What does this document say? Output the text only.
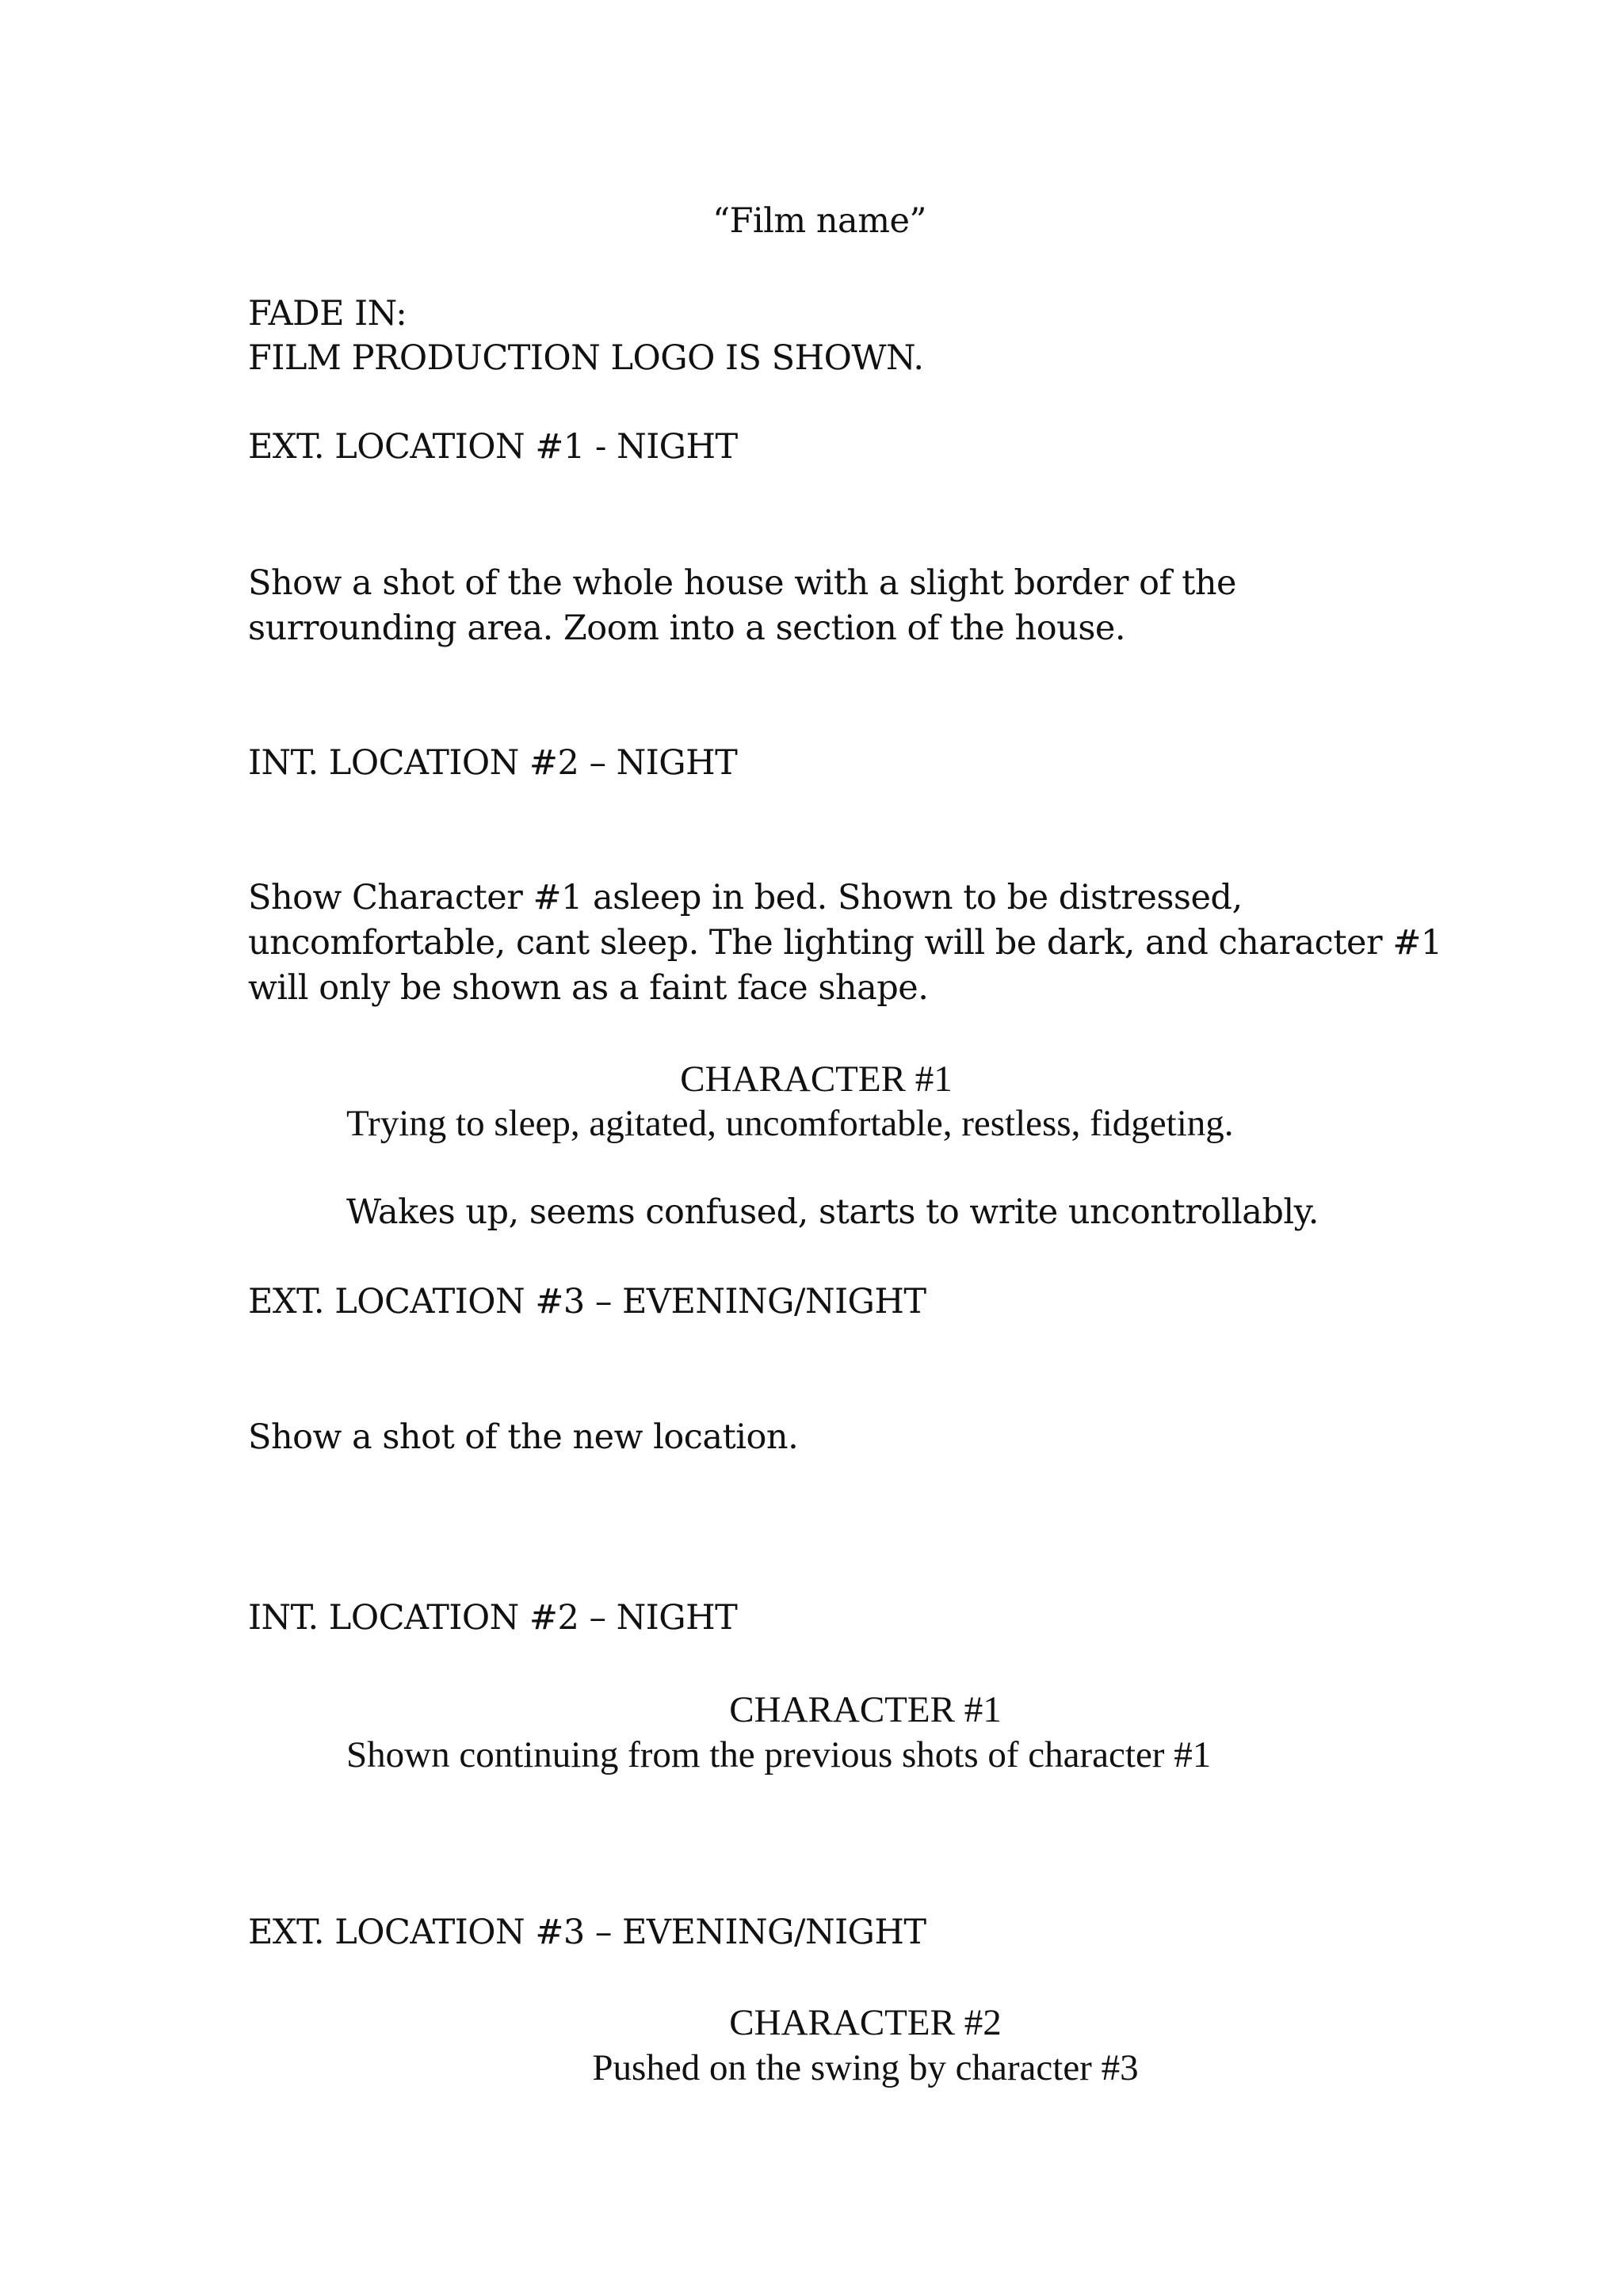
“Film name”

FADE IN:

FILM PRODUCTION LOGO IS SHOWN.

EXT. LOCATION #1 - NIGHT

Show a shot of the whole house with a slight border of the

surrounding area. Zoom into a section of the house.

INT. LOCATION #2 – NIGHT

Show Character #1 asleep in bed. Shown to be distressed,

uncomfortable, cant sleep. The lighting will be dark, and character #1

will only be shown as a faint face shape.

CHARACTER #1

Trying to sleep, agitated, uncomfortable, restless, fidgeting.

Wakes up, seems confused, starts to write uncontrollably.

EXT. LOCATION #3 – EVENING/NIGHT

Show a shot of the new location.

INT. LOCATION #2 – NIGHT

CHARACTER #1

Shown continuing from the previous shots of character #1

EXT. LOCATION #3 – EVENING/NIGHT

CHARACTER #2

Pushed on the swing by character #3
